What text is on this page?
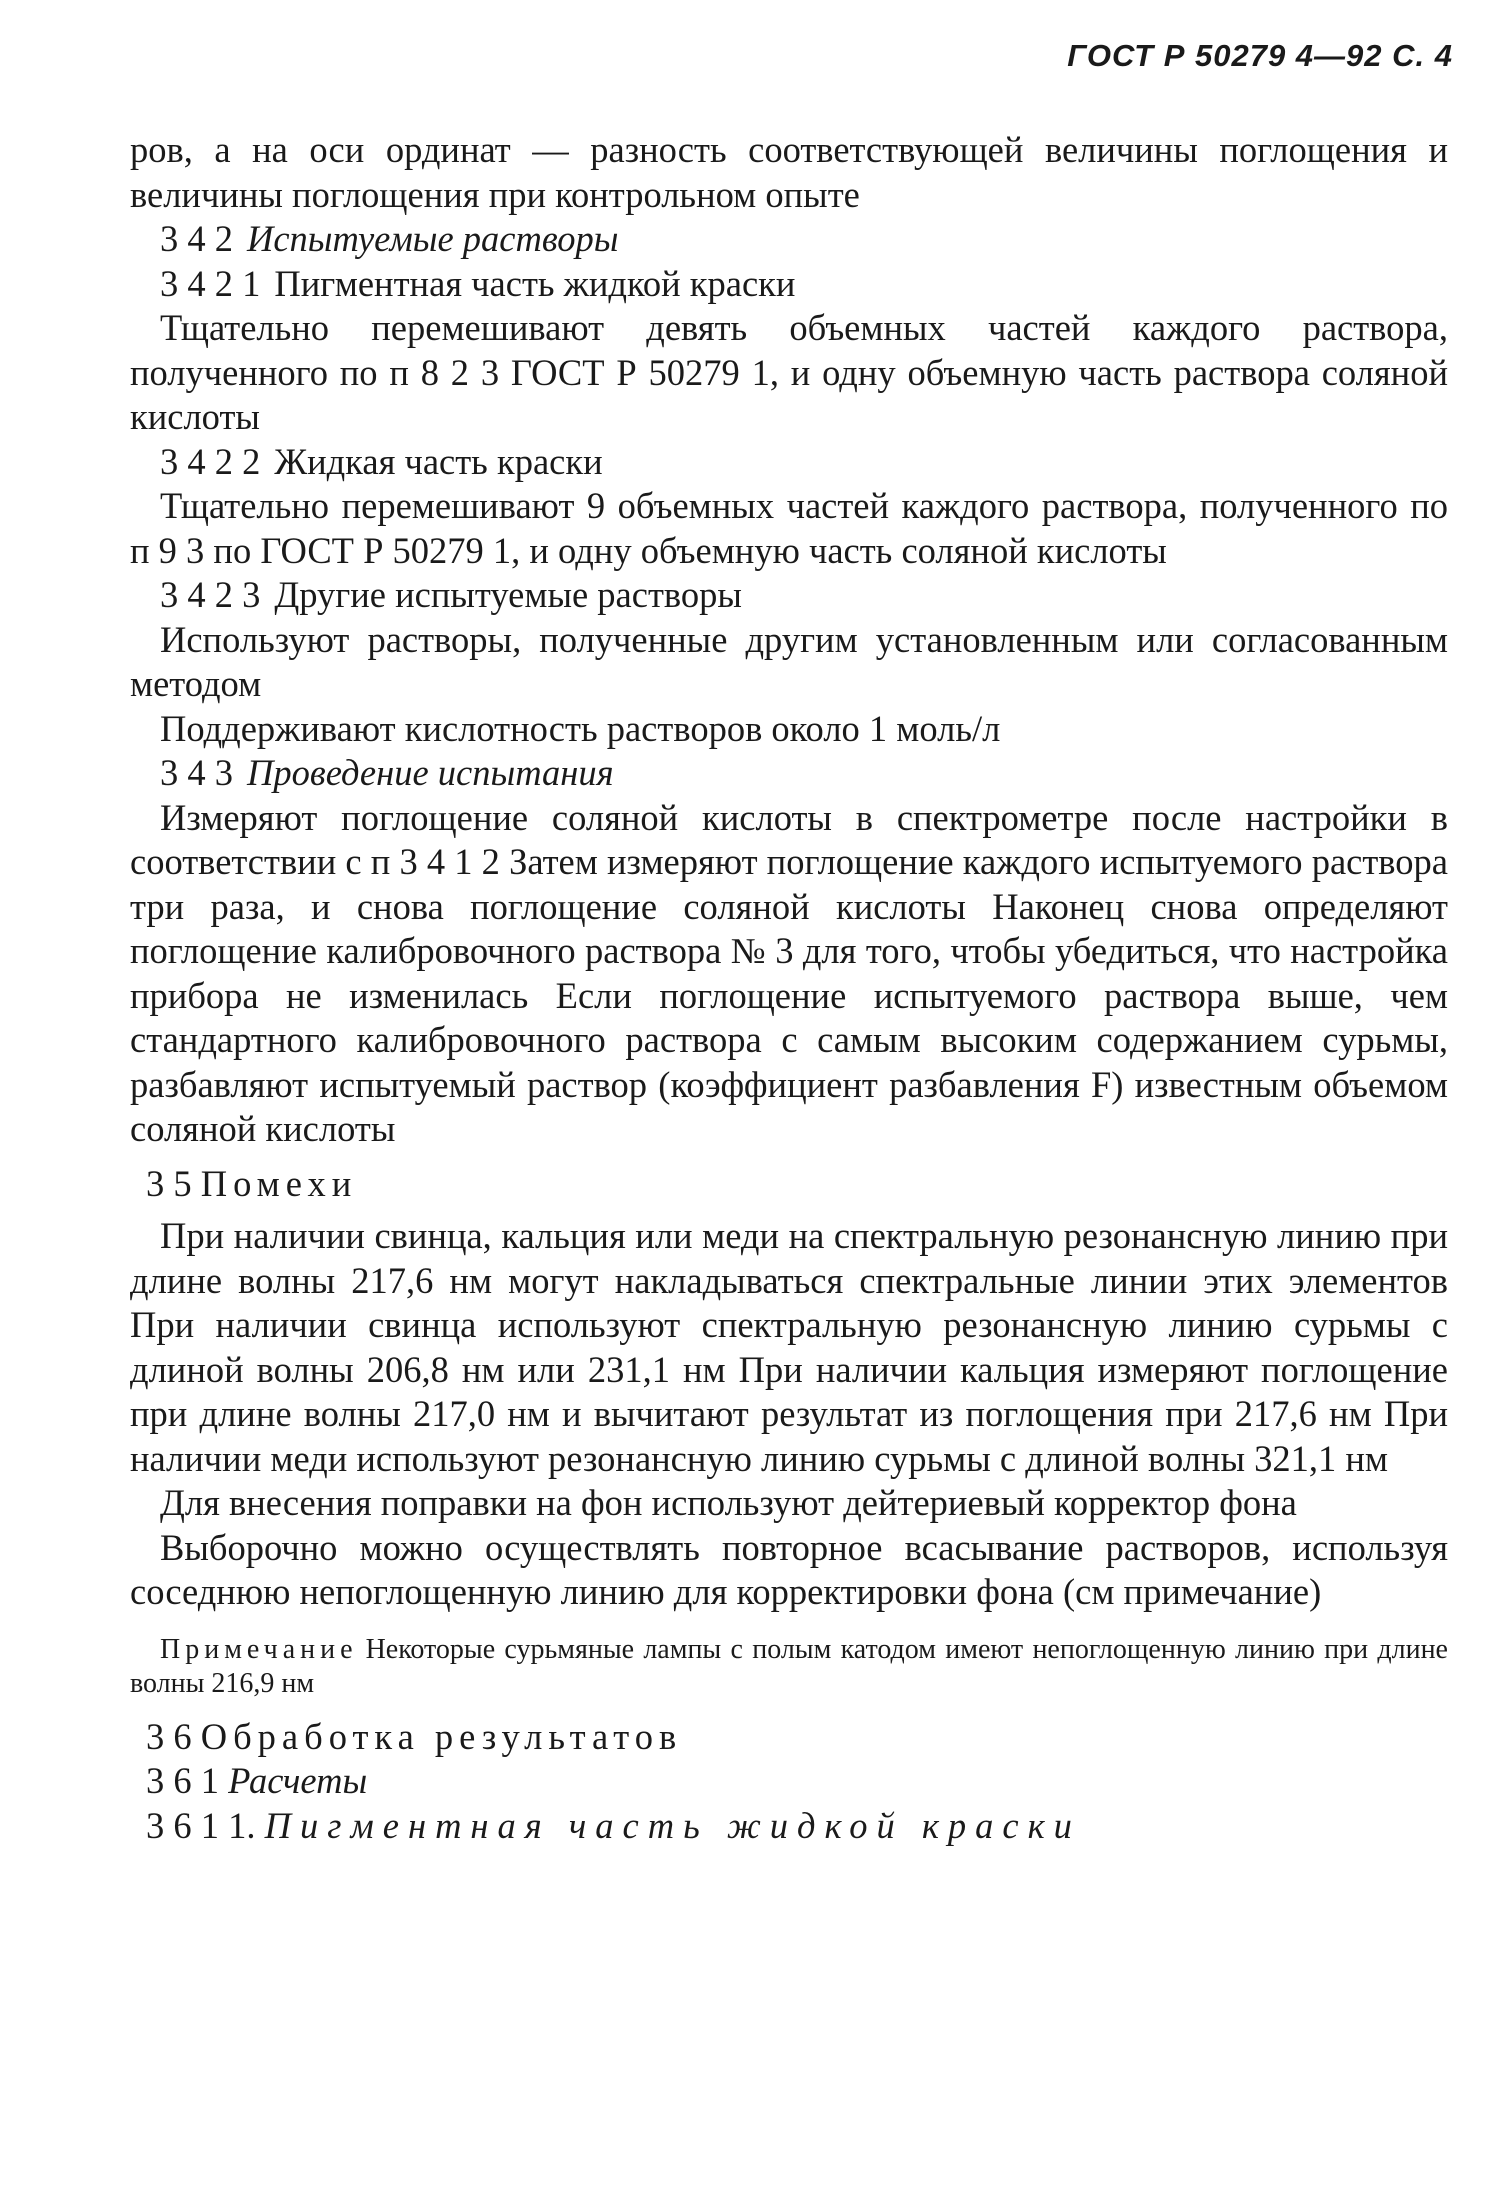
ГОСТ Р 50279 4—92 С. 4

ров, а на оси ординат — разность соответствующей величины поглощения и величины поглощения при контрольном опыте

3 4 2 Испытуемые растворы

3 4 2 1 Пигментная часть жидкой краски

Тщательно перемешивают девять объемных частей каждого раствора, полученного по п 8 2 3 ГОСТ Р 50279 1, и одну объемную часть раствора соляной кислоты

3 4 2 2 Жидкая часть краски

Тщательно перемешивают 9 объемных частей каждого раствора, полученного по п 9 3 по ГОСТ Р 50279 1, и одну объемную часть соляной кислоты

3 4 2 3 Другие испытуемые растворы

Используют растворы, полученные другим установленным или согласованным методом

Поддерживают кислотность растворов около 1 моль/л

3 4 3 Проведение испытания

Измеряют поглощение соляной кислоты в спектрометре после настройки в соответствии с п 3 4 1 2 Затем измеряют поглощение каждого испытуемого раствора три раза, и снова поглощение соляной кислоты Наконец снова определяют поглощение калибровочного раствора № 3 для того, чтобы убедиться, что настройка прибора не изменилась Если поглощение испытуемого раствора выше, чем стандартного калибровочного раствора с самым высоким содержанием сурьмы, разбавляют испытуемый раствор (коэффициент разбавления F) известным объемом соляной кислоты

3 5 Помехи

При наличии свинца, кальция или меди на спектральную резонансную линию при длине волны 217,6 нм могут накладываться спектральные линии этих элементов При наличии свинца используют спектральную резонансную линию сурьмы с длиной волны 206,8 нм или 231,1 нм При наличии кальция измеряют поглощение при длине волны 217,0 нм и вычитают результат из поглощения при 217,6 нм При наличии меди используют резонансную линию сурьмы с длиной волны 321,1 нм

Для внесения поправки на фон используют дейтериевый корректор фона

Выборочно можно осуществлять повторное всасывание растворов, используя соседнюю непоглощенную линию для корректировки фона (см примечание)

Примечание Некоторые сурьмяные лампы с полым катодом имеют непоглощенную линию при длине волны 216,9 нм

3 6 Обработка результатов

3 6 1 Расчеты

3 6 1 1. Пигментная часть жидкой краски
